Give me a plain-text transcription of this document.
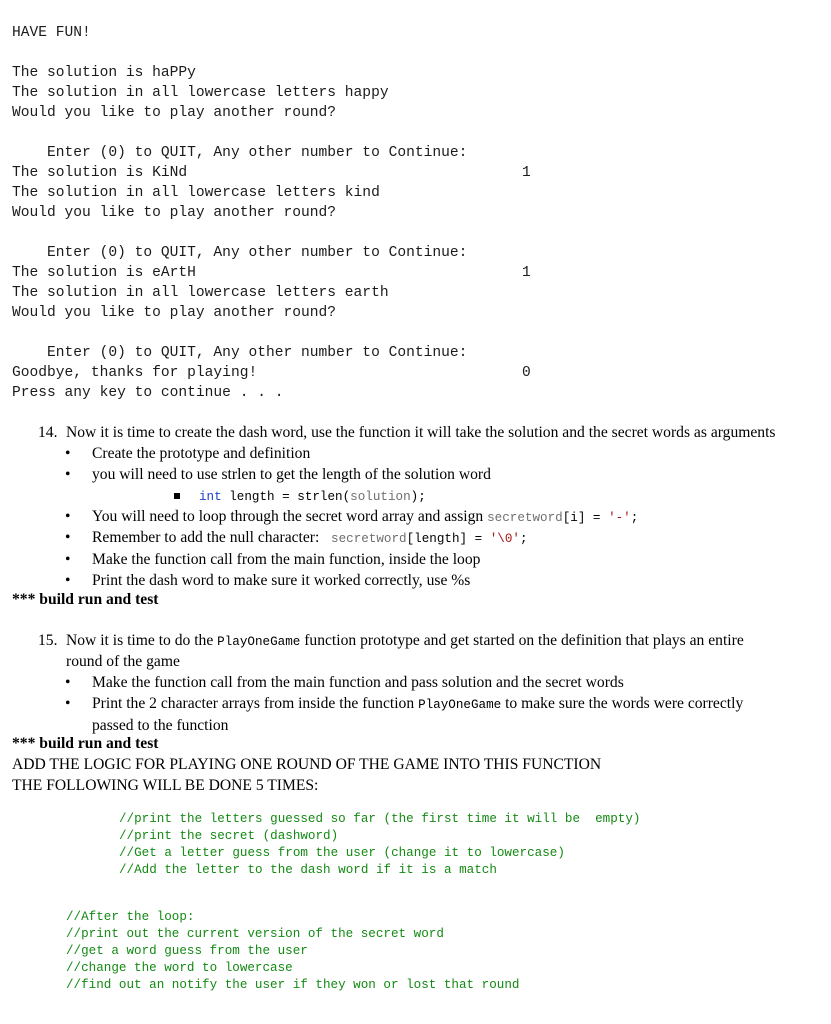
HAVE FUN!
The solution is haPPy
The solution in all lowercase letters happy
Would you like to play another round?

Enter (0) to QUIT, Any other number to Continue:

1

The solution is KiNd
The solution in all lowercase letters kind
Would you like to play another round?

Enter (0) to QUIT, Any other number to Continue:

1

The solution is eArtH
The solution in all lowercase letters earth
Would you like to play another round?

Enter (0) to QUIT, Any other number to Continue:

0

Goodbye, thanks for playing!
Press any key to continue . . .
14. Now it is time to create the dash word, use the function it will take the solution and the secret words as arguments
• Create the prototype and definition
• you will need to use strlen to get the length of the solution word
int length = strlen(solution);
• You will need to loop through the secret word array and assign secretword[i] = '-';
• Remember to add the null character:   secretword[length] = '\0';
• Make the function call from the main function, inside the loop
• Print the dash word to make sure it worked correctly, use %s
*** build run and test
15. Now it is time to do the PlayOneGame function prototype and get started on the definition that plays an entire
round of the game
• Make the function call from the main function and pass solution and the secret words
• Print the 2 character arrays from inside the function PlayOneGame to make sure the words were correctly
passed to the function
*** build run and test
ADD THE LOGIC FOR PLAYING ONE ROUND OF THE GAME INTO THIS FUNCTION
THE FOLLOWING WILL BE DONE 5 TIMES:
//print the letters guessed so far (the first time it will be  empty)
//print the secret (dashword)
//Get a letter guess from the user (change it to lowercase)
//Add the letter to the dash word if it is a match
//After the loop:
//print out the current version of the secret word
//get a word guess from the user
//change the word to lowercase
//find out an notify the user if they won or lost that round
